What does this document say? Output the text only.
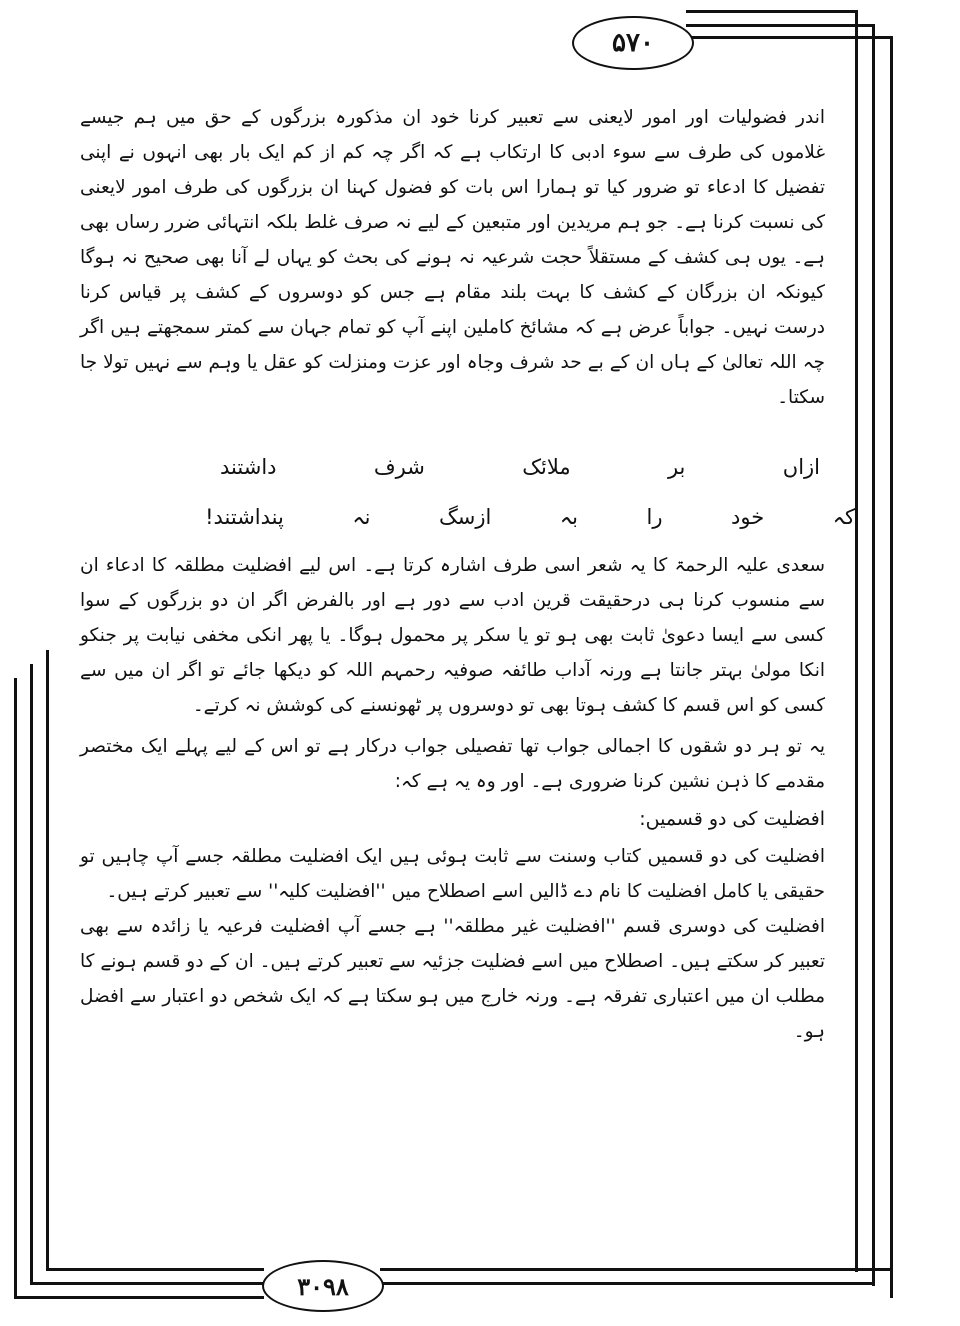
۵۷۰
۳۰۹۸

اندر فضولیات اور امور لایعنی سے تعبیر کرنا خود ان مذکورہ بزرگوں کے حق میں ہم جیسے غلاموں کی طرف سے سوء ادبی کا ارتکاب ہے کہ اگر چہ کم از کم ایک بار بھی انہوں نے اپنی تفضیل کا ادعاء تو ضرور کیا تو ہمارا اس بات کو فضول کہنا ان بزرگوں کی طرف امور لایعنی کی نسبت کرنا ہے۔ جو ہم مریدین اور متبعین کے لیے نہ صرف غلط بلکہ انتہائی ضرر رساں بھی ہے۔ یوں ہی کشف کے مستقلاً حجت شرعیہ نہ ہونے کی بحث کو یہاں لے آنا بھی صحیح نہ ہوگا کیونکہ ان بزرگان کے کشف کا بہت بلند مقام ہے جس کو دوسروں کے کشف پر قیاس کرنا درست نہیں۔ جواباً عرض ہے کہ مشائخ کاملین اپنے آپ کو تمام جہان سے کمتر سمجھتے ہیں اگر چہ اللہ تعالیٰ کے ہاں ان کے بے حد شرف وجاہ اور عزت ومنزلت کو عقل یا وہم سے نہیں تولا جا سکتا۔

ازاں
بر
ملائک
شرف
داشتند
کہ
خود
را
بہ
ازسگ
نہ
پنداشتند!

سعدی علیہ الرحمۃ کا یہ شعر اسی طرف اشارہ کرتا ہے۔ اس لیے افضلیت مطلقہ کا ادعاء ان سے منسوب کرنا ہی درحقیقت قرین ادب سے دور ہے اور بالفرض اگر ان دو بزرگوں کے سوا کسی سے ایسا دعویٰ ثابت بھی ہو تو یا سکر پر محمول ہوگا۔ یا پھر انکی مخفی نیابت پر جنکو انکا مولیٰ بہتر جانتا ہے ورنہ آداب طائفہ صوفیہ رحمہم اللہ کو دیکھا جائے تو اگر ان میں سے کسی کو اس قسم کا کشف ہوتا بھی تو دوسروں پر ٹھونسنے کی کوشش نہ کرتے۔

یہ تو ہر دو شقوں کا اجمالی جواب تھا تفصیلی جواب درکار ہے تو اس کے لیے پہلے ایک مختصر مقدمے کا ذہن نشین کرنا ضروری ہے۔ اور وہ یہ ہے کہ:

افضلیت کی دو قسمیں:

افضلیت کی دو قسمیں کتاب وسنت سے ثابت ہوئی ہیں ایک افضلیت مطلقہ جسے آپ چاہیں تو حقیقی یا کامل افضلیت کا نام دے ڈالیں اسے اصطلاح میں ''افضلیت کلیہ'' سے تعبیر کرتے ہیں۔

افضلیت کی دوسری قسم ''افضلیت غیر مطلقہ'' ہے جسے آپ افضلیت فرعیہ یا زائدہ سے بھی تعبیر کر سکتے ہیں۔ اصطلاح میں اسے فضلیت جزئیہ سے تعبیر کرتے ہیں۔ ان کے دو قسم ہونے کا مطلب ان میں اعتباری تفرقہ ہے۔ ورنہ خارج میں ہو سکتا ہے کہ ایک شخص دو اعتبار سے افضل ہو۔
